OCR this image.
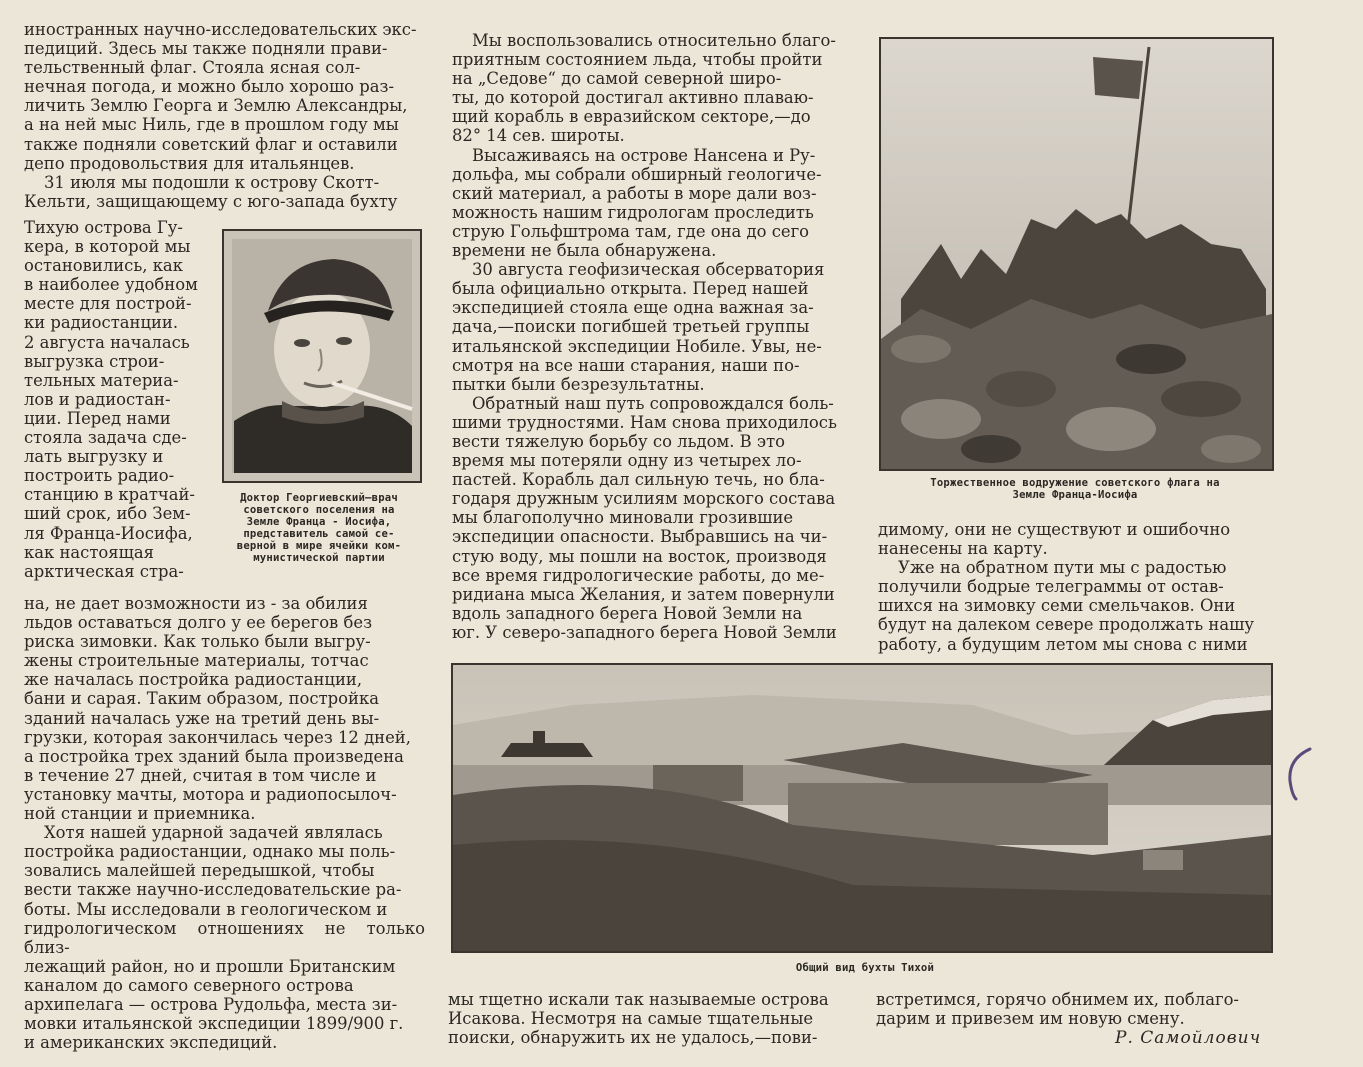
иностранных научно-исследовательских экс-

педиций. Здесь мы также подняли прави-

тельственный флаг. Стояла ясная сол-

нечная погода, и можно было хорошо раз-

личить Землю Георга и Землю Александры,

а на ней мыс Ниль, где в прошлом году мы

также подняли советский флаг и оставили

депо продовольствия для итальянцев.

31 июля мы подошли к острову Скотт-

Кельти, защищающему с юго-запада бухту

Тихую острова Гу-

кера, в которой мы

остановились, как

в наиболее удобном

месте для построй-

ки радиостанции.

2 августа началась

выгрузка строи-

тельных материа-

лов и радиостан-

ции. Перед нами

стояла задача сде-

лать выгрузку и

построить радио-

станцию в кратчай-

ший срок, ибо Зем-

ля Франца-Иосифа,

как настоящая

арктическая стра-

Доктор Георгиевский—врач
советского поселения на
Земле Франца - Иосифа,
представитель самой се-
верной в мире ячейки ком-
мунистической партии

на, не дает возможности из - за обилия

льдов оставаться долго у ее берегов без

риска зимовки. Как только были выгру-

жены строительные материалы, тотчас

же началась постройка радиостанции,

бани и сарая. Таким образом, постройка

зданий началась уже на третий день вы-

грузки, которая закончилась через 12 дней,

а постройка трех зданий была произведена

в течение 27 дней, считая в том числе и

установку мачты, мотора и радиопосылоч-

ной станции и приемника.

Хотя нашей ударной задачей являлась

постройка радиостанции, однако мы поль-

зовались малейшей передышкой, чтобы

вести также научно-исследовательские ра-

боты. Мы исследовали в геологическом и

гидрологическом отношениях не только близ-

лежащий район, но и прошли Британским

каналом до самого северного острова

архипелага — острова Рудольфа, места зи-

мовки итальянской экспедиции 1899/900 г.

и американских экспедиций.

Мы воспользовались относительно благо-

приятным состоянием льда, чтобы пройти

на „Седове“ до самой северной широ-

ты, до которой достигал активно плаваю-

щий корабль в евразийском секторе,—до

82° 14 сев. широты.

Высаживаясь на острове Нансена и Ру-

дольфа, мы собрали обширный геологиче-

ский материал, а работы в море дали воз-

можность нашим гидрологам проследить

струю Гольфштрома там, где она до сего

времени не была обнаружена.

30 августа геофизическая обсерватория

была официально открыта. Перед нашей

экспедицией стояла еще одна важная за-

дача,—поиски погибшей третьей группы

итальянской экспедиции Нобиле. Увы, не-

смотря на все наши старания, наши по-

пытки были безрезультатны.

Обратный наш путь сопровождался боль-

шими трудностями. Нам снова приходилось

вести тяжелую борьбу со льдом. В это

время мы потеряли одну из четырех ло-

пастей. Корабль дал сильную течь, но бла-

годаря дружным усилиям морского состава

мы благополучно миновали грозившие

экспедиции опасности. Выбравшись на чи-

стую воду, мы пошли на восток, производя

все время гидрологические работы, до ме-

ридиана мыса Желания, и затем повернули

вдоль западного берега Новой Земли на

юг. У северо-западного берега Новой Земли

Торжественное водружение советского флага на
Земле Франца-Иосифа

димому, они не существуют и ошибочно

нанесены на карту.

Уже на обратном пути мы с радостью

получили бодрые телеграммы от остав-

шихся на зимовку семи смельчаков. Они

будут на далеком севере продолжать нашу

работу, а будущим летом мы снова с ними

Общий вид бухты Тихой

мы тщетно искали так называемые острова

Исакова. Несмотря на самые тщательные

поиски, обнаружить их не удалось,—пови-

встретимся, горячо обнимем их, поблаго-

дарим и привезем им новую смену.

Р. Самойлович
